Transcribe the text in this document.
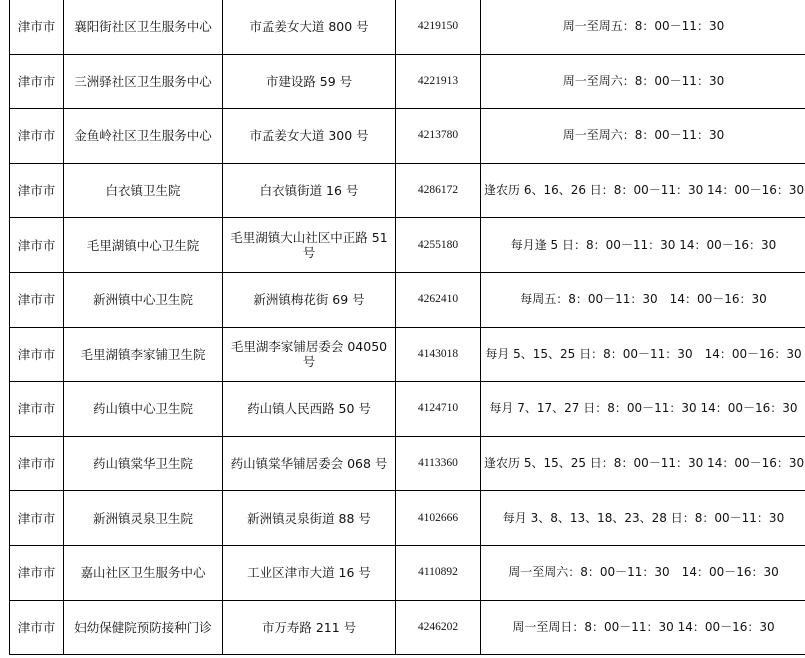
津市市	襄阳街社区卫生服务中心	市孟姜女大道 800 号	4219150	周一至周五：8：00－11：30
津市市	三洲驿社区卫生服务中心	市建设路 59 号	4221913	周一至周六：8：00－11：30
津市市	金鱼岭社区卫生服务中心	市孟姜女大道 300 号	4213780	周一至周六：8：00－11：30
津市市	白衣镇卫生院	白衣镇街道 16 号	4286172	逢农历 6、16、26 日：8：00－11：30 14：00－16：30
津市市	毛里湖镇中心卫生院	毛里湖镇大山社区中正路 51 号	4255180	每月逢 5 日：8：00－11：30 14：00－16：30
津市市	新洲镇中心卫生院	新洲镇梅花街 69 号	4262410	每周五：8：00－11：30　14：00－16：30
津市市	毛里湖镇李家铺卫生院	毛里湖李家铺居委会 04050 号	4143018	每月 5、15、25 日：8：00－11：30　14：00－16：30
津市市	药山镇中心卫生院	药山镇人民西路 50 号	4124710	每月 7、17、27 日：8：00－11：30 14：00－16：30
津市市	药山镇棠华卫生院	药山镇棠华铺居委会 068 号	4113360	逢农历 5、15、25 日：8：00－11：30 14：00－16：30
津市市	新洲镇灵泉卫生院	新洲镇灵泉街道 88 号	4102666	每月 3、8、13、18、23、28 日：8：00－11：30
津市市	嘉山社区卫生服务中心	工业区津市大道 16 号	4110892	周一至周六：8：00－11：30　14：00－16：30
津市市	妇幼保健院预防接种门诊	市万寿路 211 号	4246202	周一至周日：8：00－11：30 14：00－16：30
